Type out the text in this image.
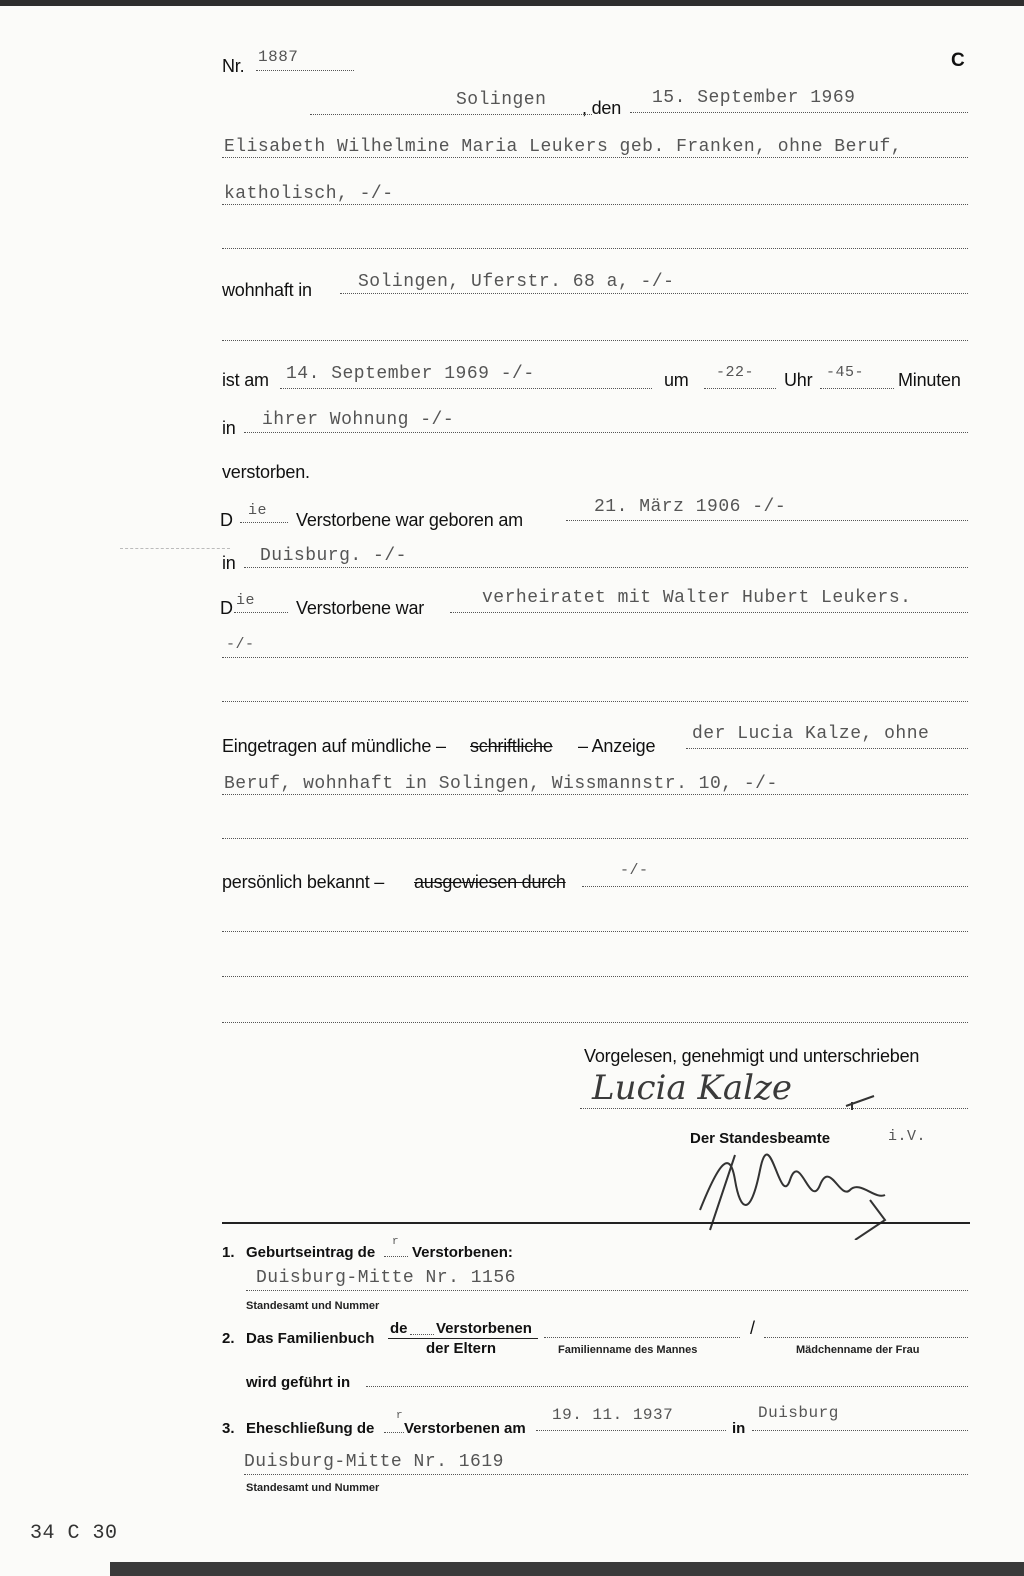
Nr. 1887	C
Solingen , den 15. September 1969
Elisabeth Wilhelmine Maria Leukers geb. Franken, ohne Beruf,
katholisch, -/-
wohnhaft in	Solingen, Uferstr. 68 a, -/-
ist am 14. September 1969 -/-	um -22- Uhr -45- Minuten
in ihrer Wohnung -/-
verstorben.
D ie Verstorbene war geboren am
21. März 1906 -/-
in Duisburg. -/-
D ie Verstorbene war	verheiratet mit Walter Hubert Leukers.
-/-
Eingetragen auf mündliche – schriftliche – Anzeige
der Lucia Kalze, ohne
Beruf, wohnhaft in Solingen, Wissmannstr. 10, -/-
persönlich bekannt – ausgewiesen durch
-/-
Vorgelesen, genehmigt und unterschrieben
Lucia Kalze
Der Standesbeamte	i.V.
1. Geburtseintrag de
r
Verstorbenen:
Duisburg-Mitte Nr. 1156
Standesamt und Nummer
2. Das Familienbuch
de Verstorbenen
der Eltern	Familienname des Mannes
/
Mädchenname der Frau
wird geführt in
3. Eheschließung de
r
Verstorbenen am
19. 11. 1937
in
Duisburg
Duisburg-Mitte Nr. 1619
Standesamt und Nummer
34 C 30
